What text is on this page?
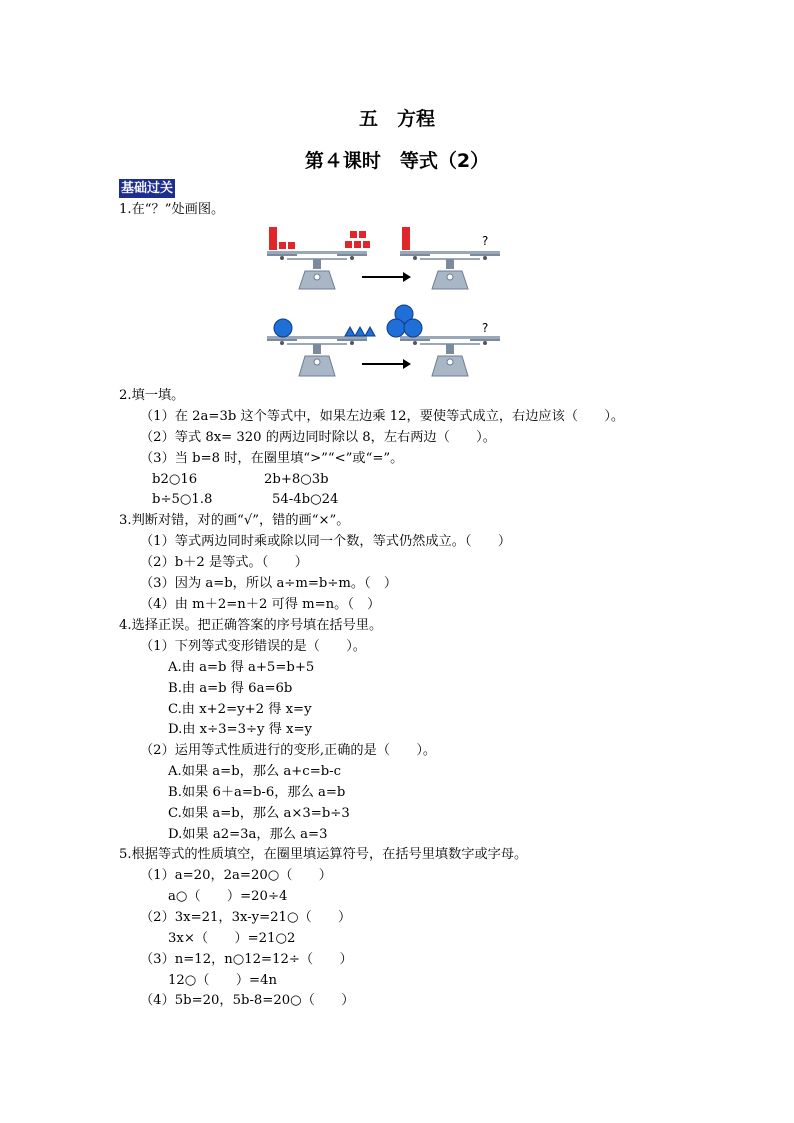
五　方程
第４课时　等式（2）
基础过关
1.在“？”处画图。
?
?
2.填一填。
（1）在 2a=3b 这个等式中，如果左边乘 12，要使等式成立，右边应该（　　）。
（2）等式 8x= 320 的两边同时除以 8，左右两边（　　）。
（3）当 b=8 时，在圈里填“>”“<”或“=”。
b2○16	2b+8○3b
b÷5○1.8	54-4b○24
3.判断对错，对的画“√”，错的画“×”。
（1）等式两边同时乘或除以同一个数，等式仍然成立。（　　）
（2）b＋2 是等式。（　　）
（3）因为 a=b，所以 a÷m=b÷m。（　）
（4）由 m＋2=n＋2 可得 m=n。（　）
4.选择正误。把正确答案的序号填在括号里。
（1）下列等式变形错误的是（　　）。
A.由 a=b 得 a+5=b+5
B.由 a=b 得 6a=6b
C.由 x+2=y+2 得 x=y
D.由 x÷3=3÷y 得 x=y
（2）运用等式性质进行的变形,正确的是（　　）。
A.如果 a=b，那么 a+c=b-c
B.如果 6＋a=b-6，那么 a=b
C.如果 a=b，那么 a×3=b÷3
D.如果 a2=3a，那么 a=3
5.根据等式的性质填空，在圈里填运算符号，在括号里填数字或字母。
（1）a=20，2a=20○（　　）
a○（　　）=20÷4
（2）3x=21，3x-y=21○（　　）
3x×（　　）=21○2
（3）n=12，n○12=12÷（　　）
12○（　　）=4n
（4）5b=20，5b-8=20○（　　）
